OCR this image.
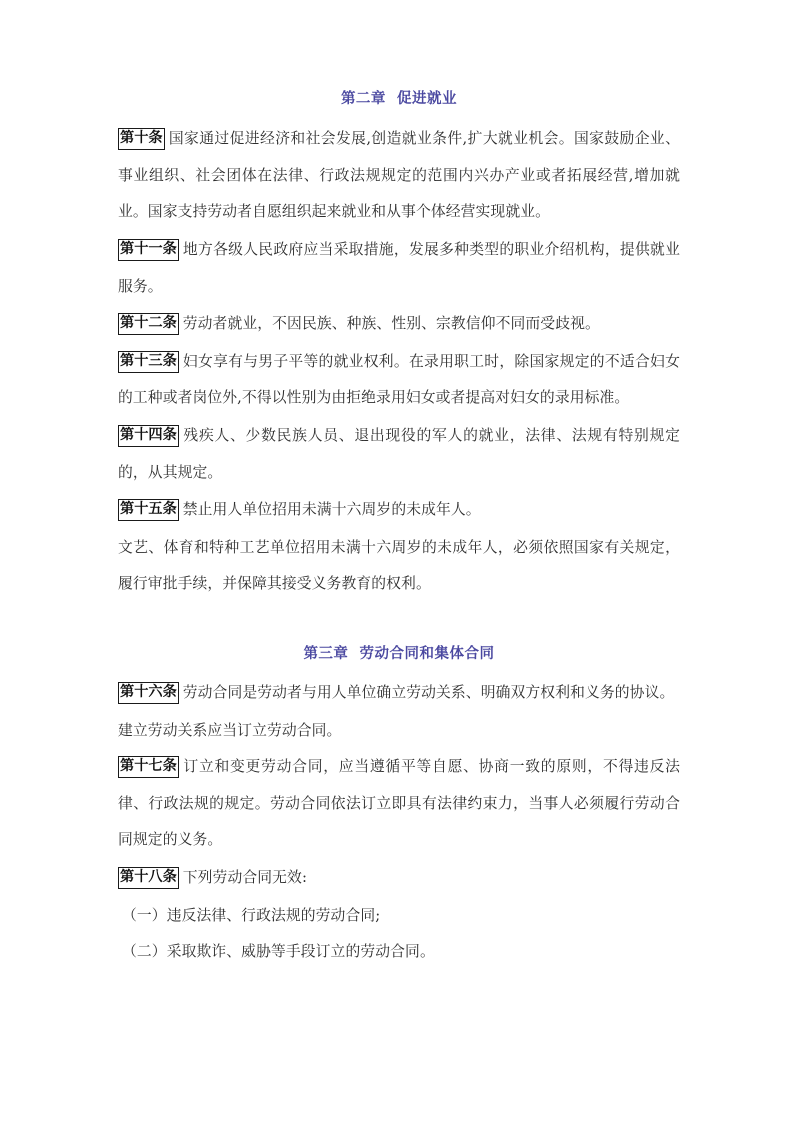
第二章  促进就业

第十条 国家通过促进经济和社会发展,创造就业条件,扩大就业机会。国家鼓励企业、事业组织、社会团体在法律、行政法规规定的范围内兴办产业或者拓展经营,增加就业。国家支持劳动者自愿组织起来就业和从事个体经营实现就业。

第十一条 地方各级人民政府应当采取措施，发展多种类型的职业介绍机构，提供就业服务。

第十二条 劳动者就业，不因民族、种族、性别、宗教信仰不同而受歧视。

第十三条 妇女享有与男子平等的就业权利。在录用职工时，除国家规定的不适合妇女的工种或者岗位外,不得以性别为由拒绝录用妇女或者提高对妇女的录用标准。

第十四条 残疾人、少数民族人员、退出现役的军人的就业，法律、法规有特别规定的，从其规定。

第十五条 禁止用人单位招用未满十六周岁的未成年人。

文艺、体育和特种工艺单位招用未满十六周岁的未成年人，必须依照国家有关规定，履行审批手续，并保障其接受义务教育的权利。

第三章  劳动合同和集体合同

第十六条 劳动合同是劳动者与用人单位确立劳动关系、明确双方权利和义务的协议。

建立劳动关系应当订立劳动合同。

第十七条 订立和变更劳动合同，应当遵循平等自愿、协商一致的原则，不得违反法律、行政法规的规定。劳动合同依法订立即具有法律约束力，当事人必须履行劳动合同规定的义务。

第十八条 下列劳动合同无效:

（一）违反法律、行政法规的劳动合同;

（二）采取欺诈、威胁等手段订立的劳动合同。
